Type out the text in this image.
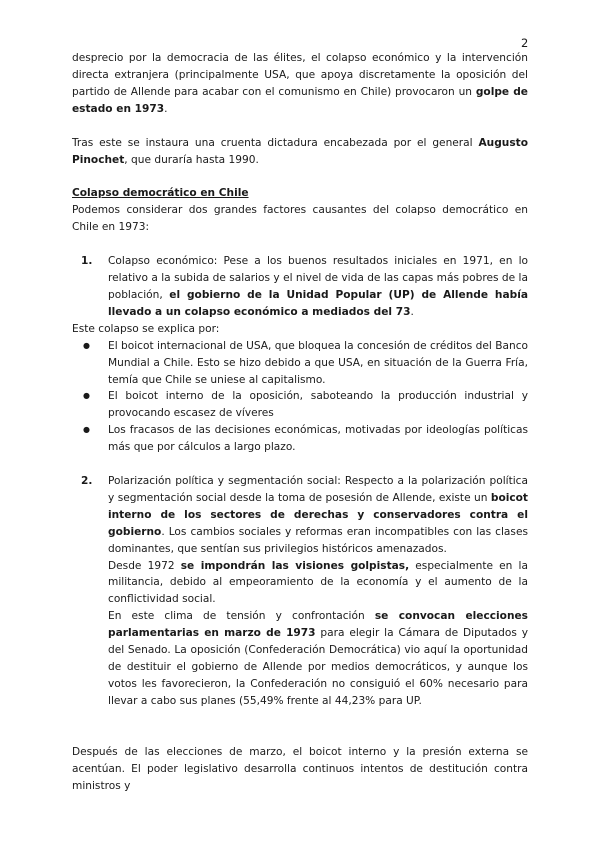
2

desprecio por la democracia de las élites, el colapso económico y la intervención directa extranjera (principalmente USA, que apoya discretamente la oposición del partido de Allende para acabar con el comunismo en Chile) provocaron un golpe de estado en 1973.

Tras este se instaura una cruenta dictadura encabezada por el general Augusto Pinochet, que duraría hasta 1990.

Colapso democrático en Chile

Podemos considerar dos grandes factores causantes del colapso democrático en Chile en 1973:

1. Colapso económico: Pese a los buenos resultados iniciales en 1971, en lo relativo a la subida de salarios y el nivel de vida de las capas más pobres de la población, el gobierno de la Unidad Popular (UP) de Allende había llevado a un colapso económico a mediados del 73.

Este colapso se explica por:
● El boicot internacional de USA, que bloquea la concesión de créditos del Banco Mundial a Chile. Esto se hizo debido a que USA, en situación de la Guerra Fría, temía que Chile se uniese al capitalismo.
● El boicot interno de la oposición, saboteando la producción industrial y provocando escasez de víveres
● Los fracasos de las decisiones económicas, motivadas por ideologías políticas más que por cálculos a largo plazo.
2. Polarización política y segmentación social: Respecto a la polarización política y segmentación social desde la toma de posesión de Allende, existe un boicot interno de los sectores de derechas y conservadores contra el gobierno. Los cambios sociales y reformas eran incompatibles con las clases dominantes, que sentían sus privilegios históricos amenazados.

Desde 1972 se impondrán las visiones golpistas, especialmente en la militancia, debido al empeoramiento de la economía y el aumento de la conflictividad social.

En este clima de tensión y confrontación se convocan elecciones parlamentarias en marzo de 1973 para elegir la Cámara de Diputados y del Senado. La oposición (Confederación Democrática) vio aquí la oportunidad de destituir el gobierno de Allende por medios democráticos, y aunque los votos les favorecieron, la Confederación no consiguió el 60% necesario para llevar a cabo sus planes (55,49% frente al 44,23% para UP.

Después de las elecciones de marzo, el boicot interno y la presión externa se acentúan. El poder legislativo desarrolla continuos intentos de destitución contra ministros y
